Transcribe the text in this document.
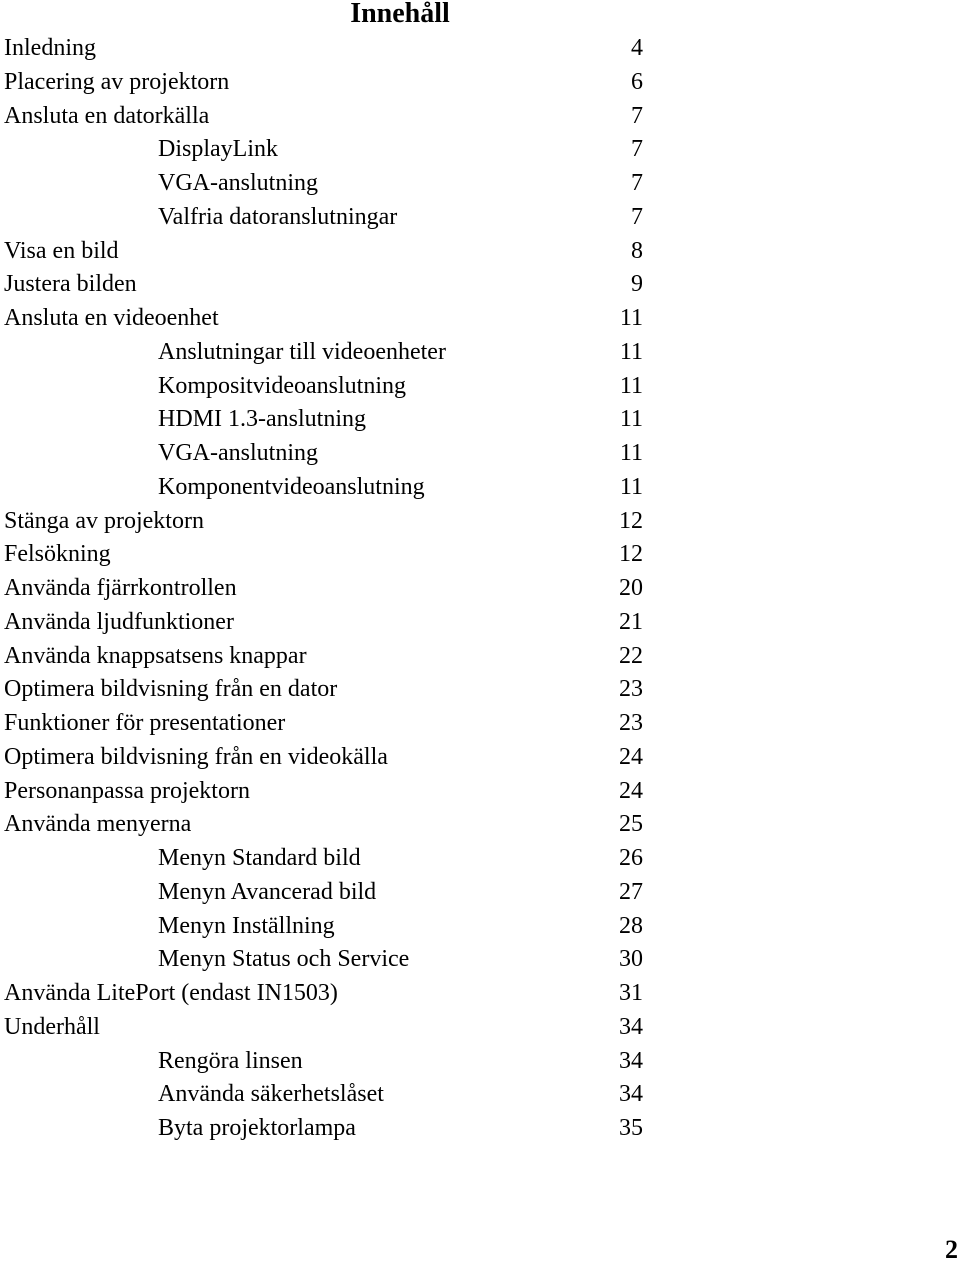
Innehåll
Inledning	4
Placering av projektorn	6
Ansluta en datorkälla	7
DisplayLink	7
VGA-anslutning	7
Valfria datoranslutningar	7
Visa en bild	8
Justera bilden	9
Ansluta en videoenhet	11
Anslutningar till videoenheter	11
Kompositvideoanslutning	11
HDMI 1.3-anslutning	11
VGA-anslutning	11
Komponentvideoanslutning	11
Stänga av projektorn	12
Felsökning	12
Använda fjärrkontrollen	20
Använda ljudfunktioner	21
Använda knappsatsens knappar	22
Optimera bildvisning från en dator	23
Funktioner för presentationer	23
Optimera bildvisning från en videokälla	24
Personanpassa projektorn	24
Använda menyerna	25
Menyn Standard bild	26
Menyn Avancerad bild	27
Menyn Inställning	28
Menyn Status och Service	30
Använda LitePort (endast IN1503)	31
Underhåll	34
Rengöra linsen	34
Använda säkerhetslåset	34
Byta projektorlampa	35
2
